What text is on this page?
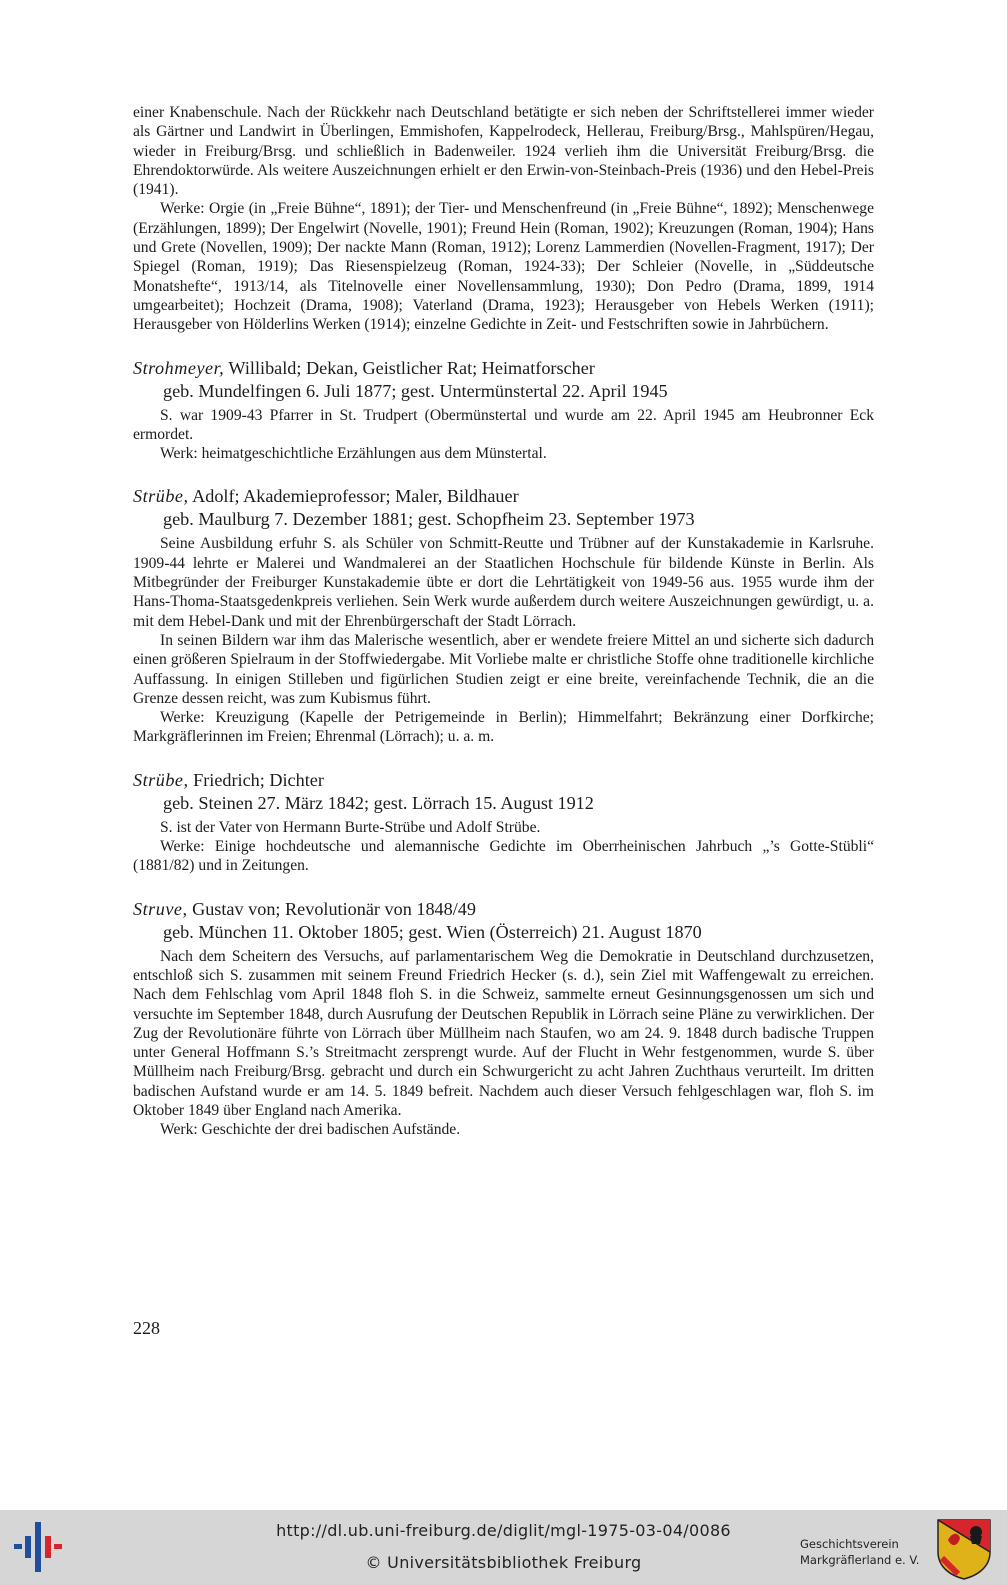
einer Knabenschule. Nach der Rückkehr nach Deutschland betätigte er sich neben der Schriftstellerei immer wieder als Gärtner und Landwirt in Überlingen, Emmishofen, Kappelrodeck, Hellerau, Freiburg/Brsg., Mahlspüren/Hegau, wieder in Freiburg/Brsg. und schließlich in Badenweiler. 1924 verlieh ihm die Universität Freiburg/Brsg. die Ehrendoktorwürde. Als weitere Auszeichnungen erhielt er den Erwin-von-Steinbach-Preis (1936) und den Hebel-Preis (1941).

Werke: Orgie (in „Freie Bühne“, 1891); der Tier- und Menschenfreund (in „Freie Bühne“, 1892); Menschenwege (Erzählungen, 1899); Der Engelwirt (Novelle, 1901); Freund Hein (Roman, 1902); Kreuzungen (Roman, 1904); Hans und Grete (Novellen, 1909); Der nackte Mann (Roman, 1912); Lorenz Lammerdien (Novellen-Fragment, 1917); Der Spiegel (Roman, 1919); Das Riesenspielzeug (Roman, 1924-33); Der Schleier (Novelle, in „Süddeutsche Monatshefte“, 1913/14, als Titelnovelle einer Novellensammlung, 1930); Don Pedro (Drama, 1899, 1914 umgearbeitet); Hochzeit (Drama, 1908); Vaterland (Drama, 1923); Herausgeber von Hebels Werken (1911); Herausgeber von Hölderlins Werken (1914); einzelne Gedichte in Zeit- und Festschriften sowie in Jahrbüchern.

Strohmeyer, Willibald; Dekan, Geistlicher Rat; Heimatforscher

geb. Mundelfingen 6. Juli 1877; gest. Untermünstertal 22. April 1945

S. war 1909-43 Pfarrer in St. Trudpert (Obermünstertal und wurde am 22. April 1945 am Heubronner Eck ermordet.

Werk: heimatgeschichtliche Erzählungen aus dem Münstertal.

Strübe, Adolf; Akademieprofessor; Maler, Bildhauer

geb. Maulburg 7. Dezember 1881; gest. Schopfheim 23. September 1973

Seine Ausbildung erfuhr S. als Schüler von Schmitt-Reutte und Trübner auf der Kunstakademie in Karlsruhe. 1909-44 lehrte er Malerei und Wandmalerei an der Staatlichen Hochschule für bildende Künste in Berlin. Als Mitbegründer der Freiburger Kunstakademie übte er dort die Lehrtätigkeit von 1949-56 aus. 1955 wurde ihm der Hans-Thoma-Staatsgedenkpreis verliehen. Sein Werk wurde außerdem durch weitere Auszeichnungen gewürdigt, u. a. mit dem Hebel-Dank und mit der Ehrenbürgerschaft der Stadt Lörrach.

In seinen Bildern war ihm das Malerische wesentlich, aber er wendete freiere Mittel an und sicherte sich dadurch einen größeren Spielraum in der Stoffwiedergabe. Mit Vorliebe malte er christliche Stoffe ohne traditionelle kirchliche Auffassung. In einigen Stilleben und figürlichen Studien zeigt er eine breite, vereinfachende Technik, die an die Grenze dessen reicht, was zum Kubismus führt.

Werke: Kreuzigung (Kapelle der Petrigemeinde in Berlin); Himmelfahrt; Bekränzung einer Dorfkirche; Markgräflerinnen im Freien; Ehrenmal (Lörrach); u. a. m.

Strübe, Friedrich; Dichter

geb. Steinen 27. März 1842; gest. Lörrach 15. August 1912

S. ist der Vater von Hermann Burte-Strübe und Adolf Strübe.

Werke: Einige hochdeutsche und alemannische Gedichte im Oberrheinischen Jahrbuch „’s Gotte-Stübli“ (1881/82) und in Zeitungen.

Struve, Gustav von; Revolutionär von 1848/49

geb. München 11. Oktober 1805; gest. Wien (Österreich) 21. August 1870

Nach dem Scheitern des Versuchs, auf parlamentarischem Weg die Demokratie in Deutschland durchzusetzen, entschloß sich S. zusammen mit seinem Freund Friedrich Hecker (s. d.), sein Ziel mit Waffengewalt zu erreichen. Nach dem Fehlschlag vom April 1848 floh S. in die Schweiz, sammelte erneut Gesinnungsgenossen um sich und versuchte im September 1848, durch Ausrufung der Deutschen Republik in Lörrach seine Pläne zu verwirklichen. Der Zug der Revolutionäre führte von Lörrach über Müllheim nach Staufen, wo am 24. 9. 1848 durch badische Truppen unter General Hoffmann S.’s Streitmacht zersprengt wurde. Auf der Flucht in Wehr festgenommen, wurde S. über Müllheim nach Freiburg/Brsg. gebracht und durch ein Schwurgericht zu acht Jahren Zuchthaus verurteilt. Im dritten badischen Aufstand wurde er am 14. 5. 1849 befreit. Nachdem auch dieser Versuch fehlgeschlagen war, floh S. im Oktober 1849 über England nach Amerika.

Werk: Geschichte der drei badischen Aufstände.

228
http://dl.ub.uni-freiburg.de/diglit/mgl-1975-03-04/0086
© Universitätsbibliothek Freiburg
Geschichtsverein
Markgräflerland e. V.
